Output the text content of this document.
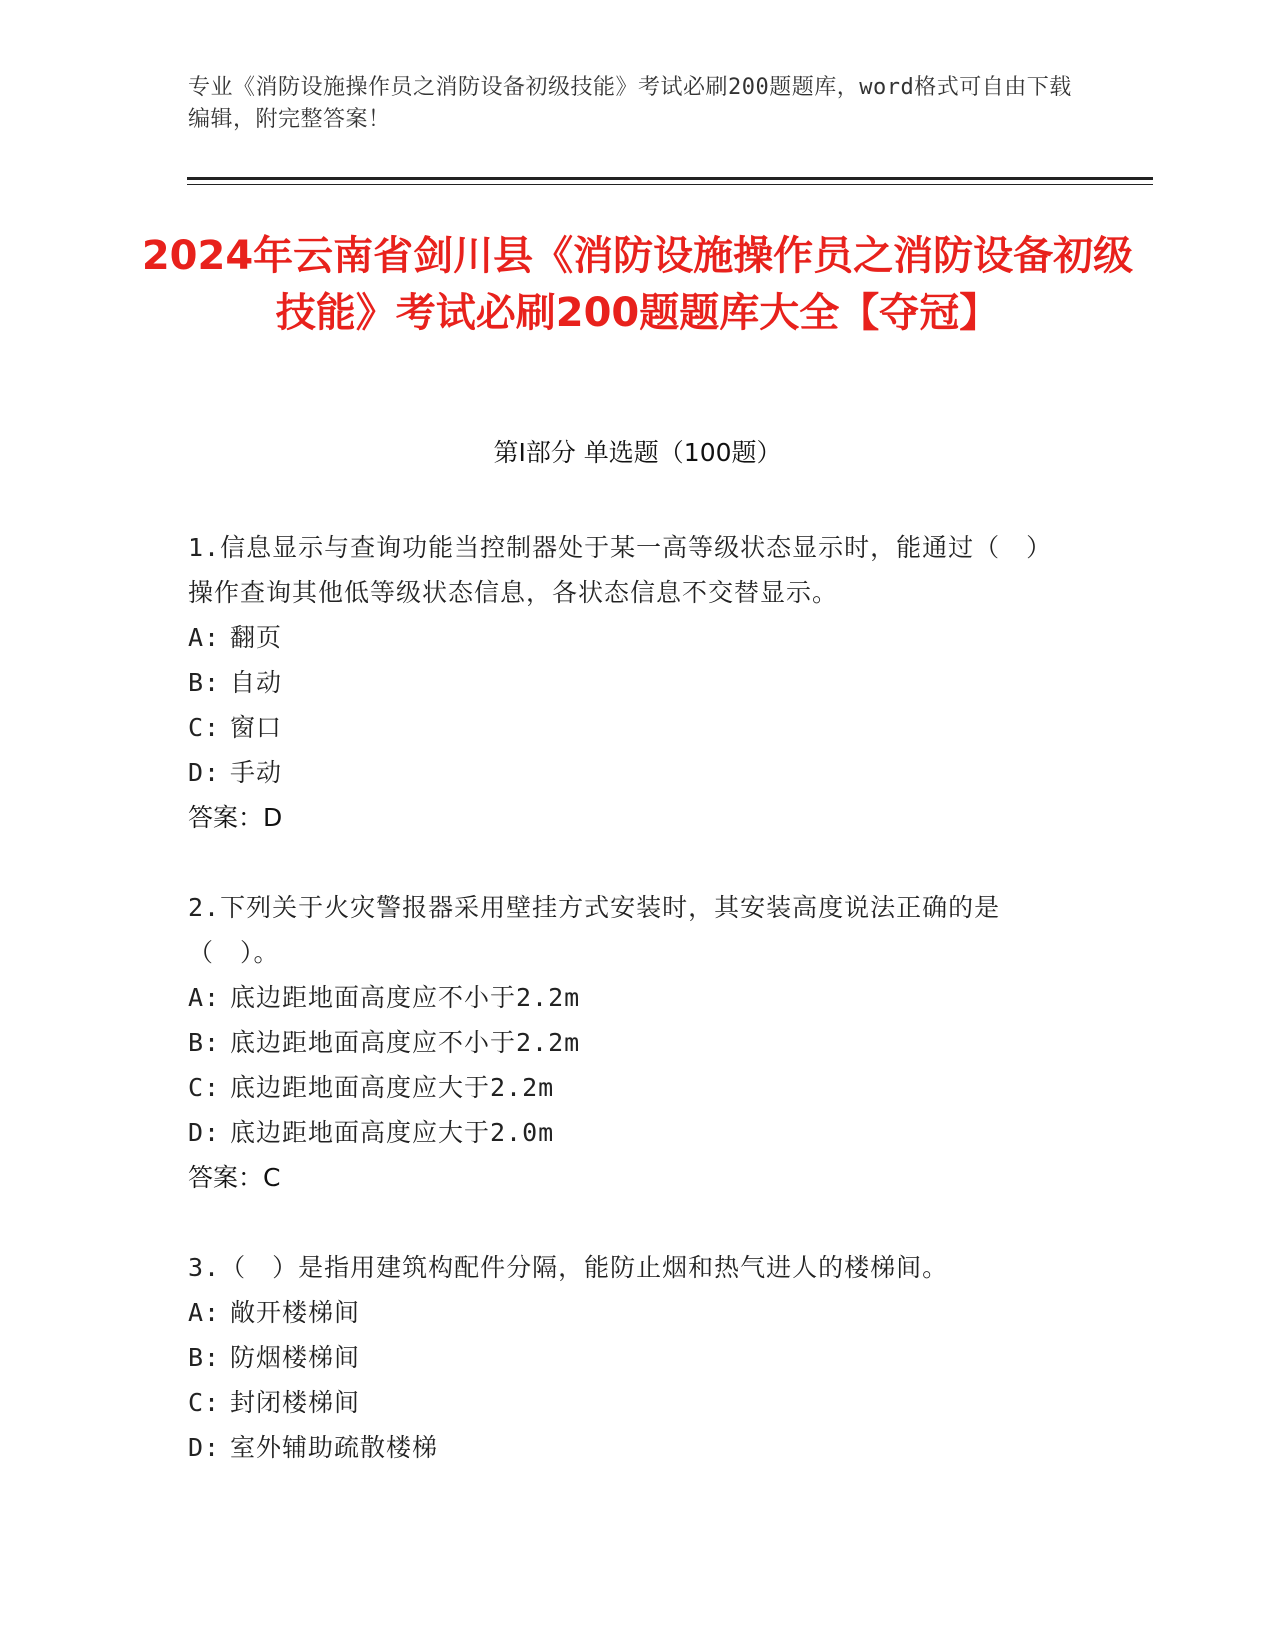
专业《消防设施操作员之消防设备初级技能》考试必刷200题题库，word格式可自由下载编辑，附完整答案！
2024年云南省剑川县《消防设施操作员之消防设备初级技能》考试必刷200题题库大全【夺冠】
第I部分 单选题（100题）
1.信息显示与查询功能当控制器处于某一高等级状态显示时，能通过（　）操作查询其他低等级状态信息，各状态信息不交替显示。
A: 翻页
B: 自动
C: 窗口
D: 手动
答案：D
2.下列关于火灾警报器采用壁挂方式安装时，其安装高度说法正确的是（　）。
A: 底边距地面高度应不小于2.2m
B: 底边距地面高度应不小于2.2m
C: 底边距地面高度应大于2.2m
D: 底边距地面高度应大于2.0m
答案：C
3.（　）是指用建筑构配件分隔，能防止烟和热气进人的楼梯间。
A: 敞开楼梯间
B: 防烟楼梯间
C: 封闭楼梯间
D: 室外辅助疏散楼梯
